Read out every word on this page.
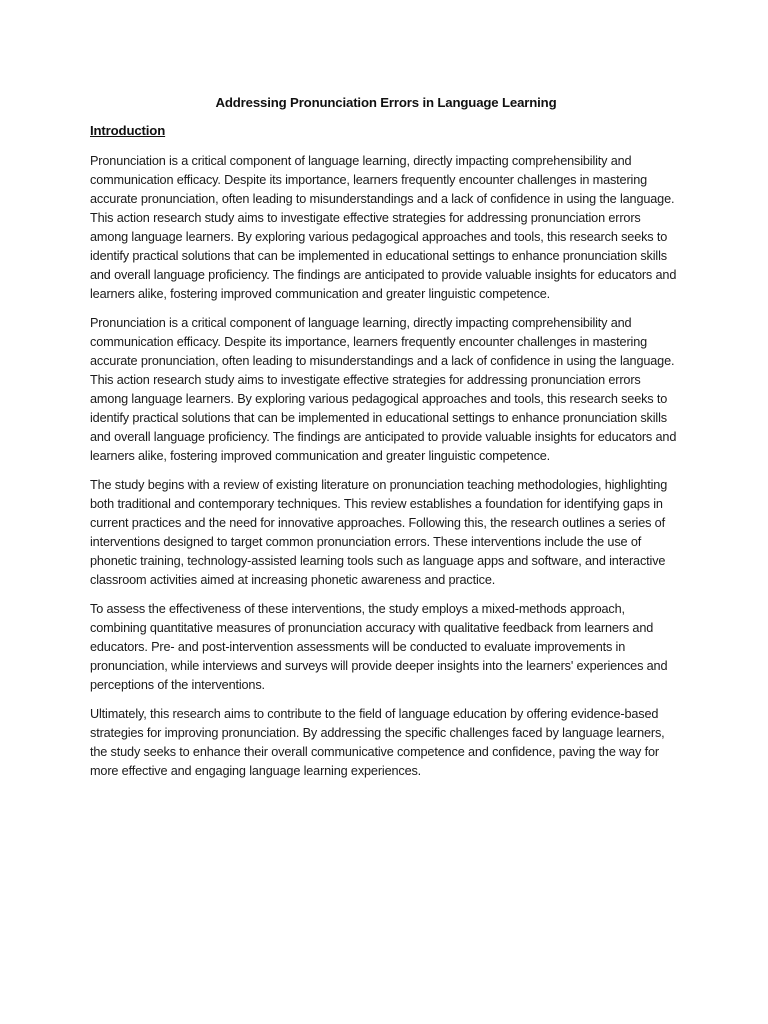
Addressing Pronunciation Errors in Language Learning
Introduction

Pronunciation is a critical component of language learning, directly impacting comprehensibility and communication efficacy. Despite its importance, learners frequently encounter challenges in mastering accurate pronunciation, often leading to misunderstandings and a lack of confidence in using the language. This action research study aims to investigate effective strategies for addressing pronunciation errors among language learners. By exploring various pedagogical approaches and tools, this research seeks to identify practical solutions that can be implemented in educational settings to enhance pronunciation skills and overall language proficiency. The findings are anticipated to provide valuable insights for educators and learners alike, fostering improved communication and greater linguistic competence.

Pronunciation is a critical component of language learning, directly impacting comprehensibility and communication efficacy. Despite its importance, learners frequently encounter challenges in mastering accurate pronunciation, often leading to misunderstandings and a lack of confidence in using the language. This action research study aims to investigate effective strategies for addressing pronunciation errors among language learners. By exploring various pedagogical approaches and tools, this research seeks to identify practical solutions that can be implemented in educational settings to enhance pronunciation skills and overall language proficiency. The findings are anticipated to provide valuable insights for educators and learners alike, fostering improved communication and greater linguistic competence.

The study begins with a review of existing literature on pronunciation teaching methodologies, highlighting both traditional and contemporary techniques. This review establishes a foundation for identifying gaps in current practices and the need for innovative approaches. Following this, the research outlines a series of interventions designed to target common pronunciation errors. These interventions include the use of phonetic training, technology-assisted learning tools such as language apps and software, and interactive classroom activities aimed at increasing phonetic awareness and practice.

To assess the effectiveness of these interventions, the study employs a mixed-methods approach, combining quantitative measures of pronunciation accuracy with qualitative feedback from learners and educators. Pre- and post-intervention assessments will be conducted to evaluate improvements in pronunciation, while interviews and surveys will provide deeper insights into the learners' experiences and perceptions of the interventions.

Ultimately, this research aims to contribute to the field of language education by offering evidence-based strategies for improving pronunciation. By addressing the specific challenges faced by language learners, the study seeks to enhance their overall communicative competence and confidence, paving the way for more effective and engaging language learning experiences.
